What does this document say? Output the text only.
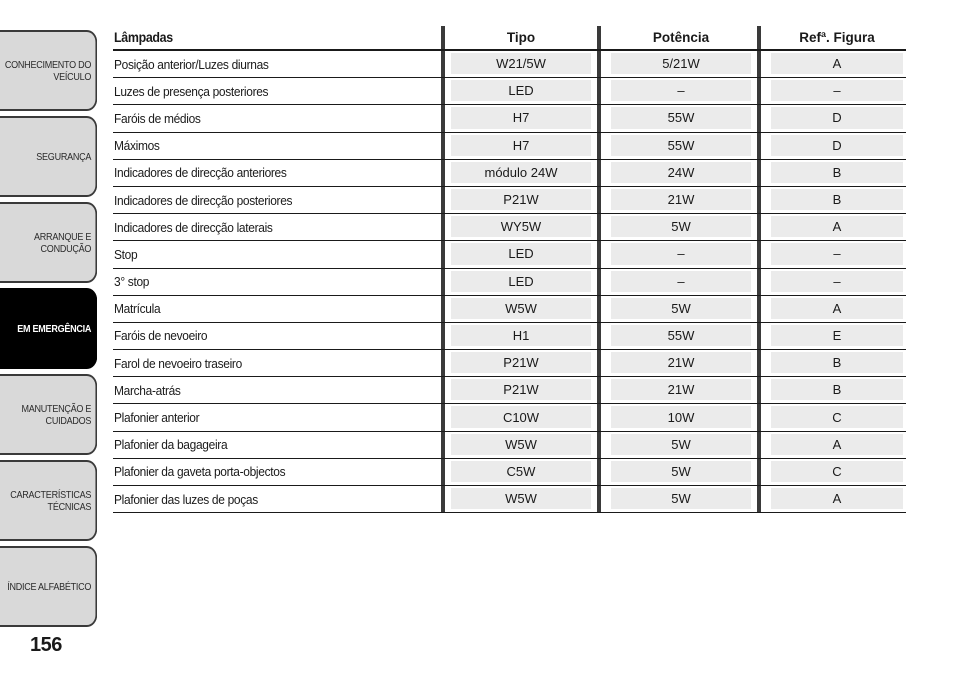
CONHECIMENTO DO
VEÍCULO
SEGURANÇA
ARRANQUE E
CONDUÇÃO
EM EMERGÊNCIA
MANUTENÇÃO E
CUIDADOS
CARACTERÍSTICAS
TÉCNICAS
ÍNDICE ALFABÉTICO
156
Lâmpadas	Tipo	Potência	Refª. Figura
Posição anterior/Luzes diurnas	W21/5W	5/21W	A
Luzes de presença posteriores	LED	–	–
Faróis de médios	H7	55W	D
Máximos	H7	55W	D
Indicadores de direcção anteriores	módulo 24W	24W	B
Indicadores de direcção posteriores	P21W	21W	B
Indicadores de direcção laterais	WY5W	5W	A
Stop	LED	–	–
3° stop	LED	–	–
Matrícula	W5W	5W	A
Faróis de nevoeiro	H1	55W	E
Farol de nevoeiro traseiro	P21W	21W	B
Marcha-atrás	P21W	21W	B
Plafonier anterior	C10W	10W	C
Plafonier da bagageira	W5W	5W	A
Plafonier da gaveta porta-objectos	C5W	5W	C
Plafonier das luzes de poças	W5W	5W	A
